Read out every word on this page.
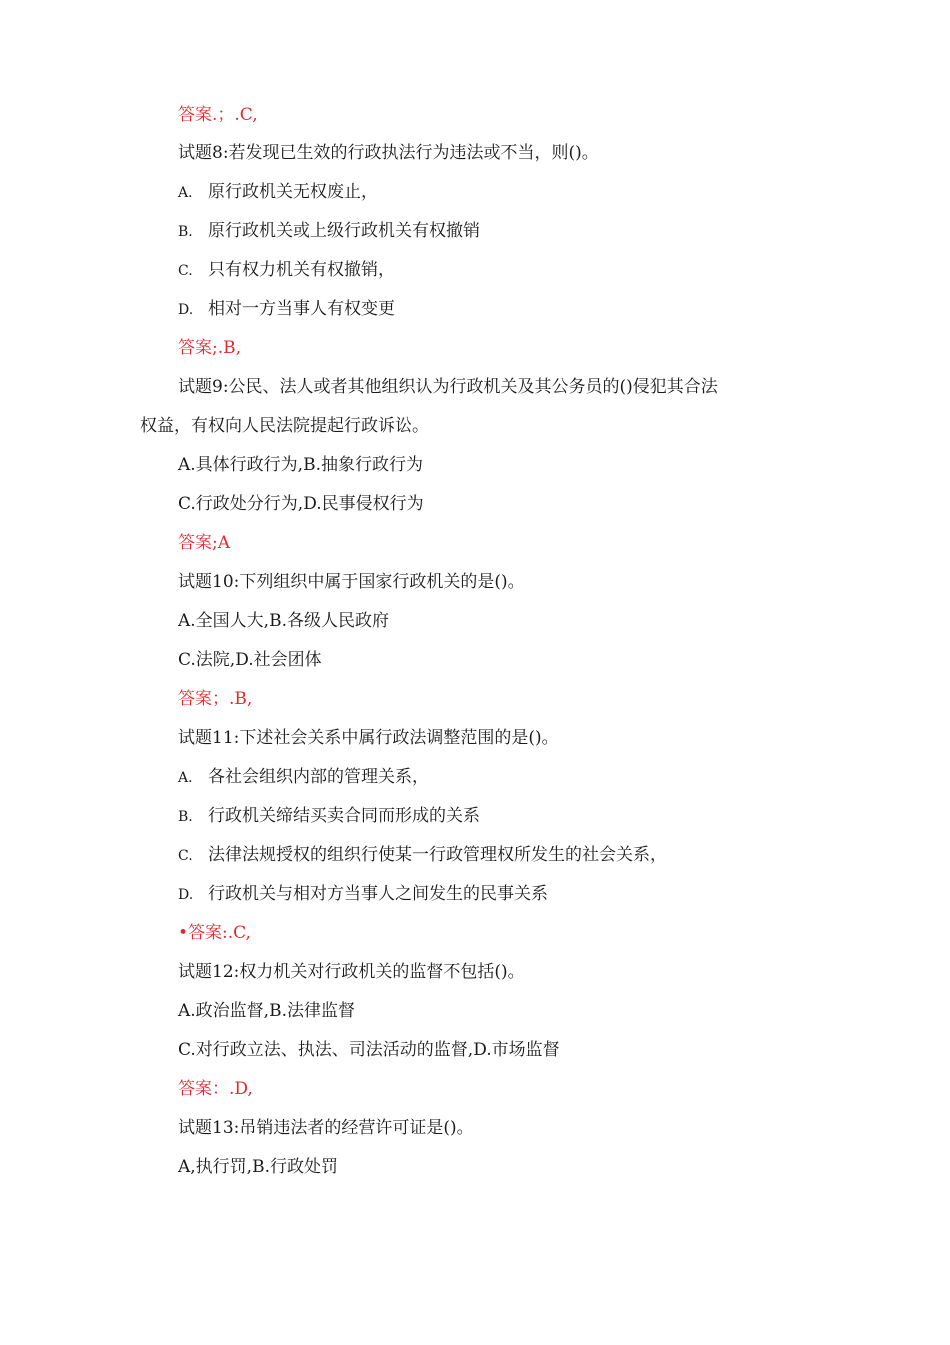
答案.；.C,
试题8:若发现已生效的行政执法行为违法或不当，则()。
A. 原行政机关无权废止，
B. 原行政机关或上级行政机关有权撤销
C. 只有权力机关有权撤销，
D. 相对一方当事人有权变更
答案;.B,
试题9:公民、法人或者其他组织认为行政机关及其公务员的()侵犯其合法
权益，有权向人民法院提起行政诉讼。
A.具体行政行为,B.抽象行政行为
C.行政处分行为,D.民事侵权行为
答案;A
试题10:下列组织中属于国家行政机关的是()。
A.全国人大,B.各级人民政府
C.法院,D.社会团体
答案；.B,
试题11:下述社会关系中属行政法调整范围的是()。
A. 各社会组织内部的管理关系，
B. 行政机关缔结买卖合同而形成的关系
C. 法律法规授权的组织行使某一行政管理权所发生的社会关系，
D. 行政机关与相对方当事人之间发生的民事关系
•答案:.C,
试题12:权力机关对行政机关的监督不包括()。
A.政治监督,B.法律监督
C.对行政立法、执法、司法活动的监督,D.市场监督
答案：.D,
试题13:吊销违法者的经营许可证是()。
A,执行罚,B.行政处罚
